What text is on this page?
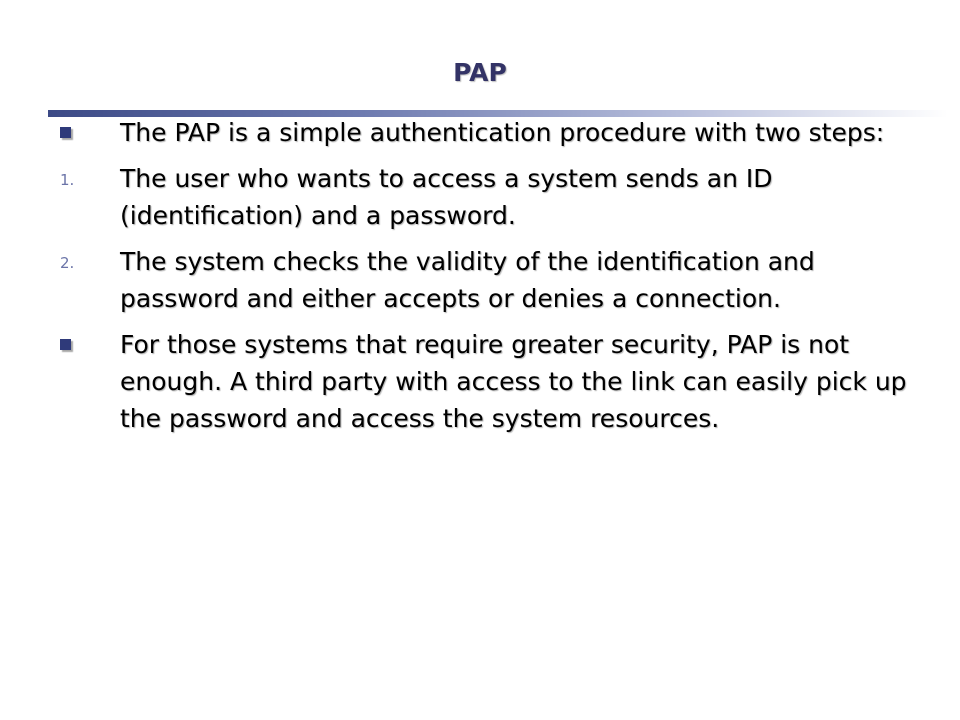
PAP
The PAP is a simple authentication procedure with two steps:
1. The user who wants to access a system sends an ID (identification) and a password.
2. The system checks the validity of the identification and password and either accepts or denies a connection.
For those systems that require greater security, PAP is not enough. A third party with access to the link can easily pick up the password and access the system resources.
